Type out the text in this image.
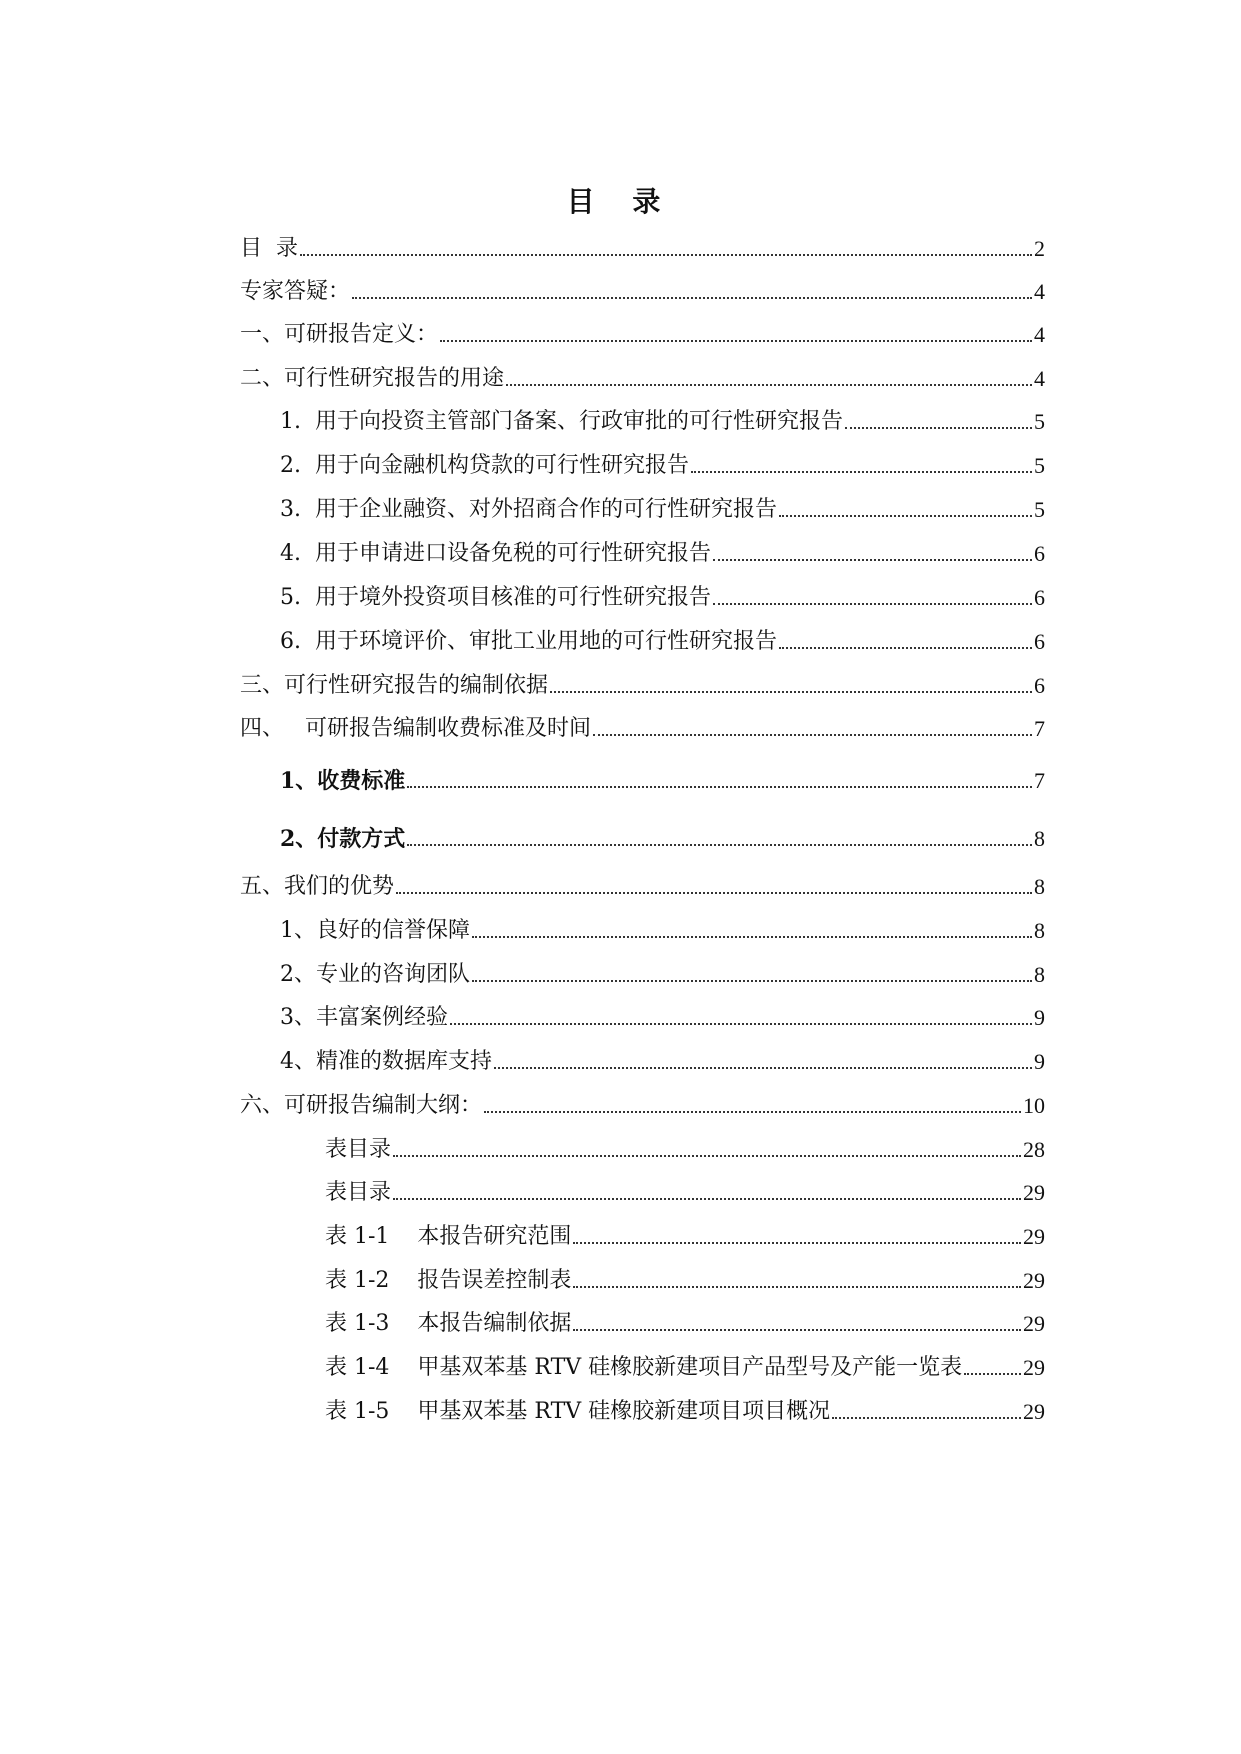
目 录
目  录	2
专家答疑：	4
一、可研报告定义：	4
二、可行性研究报告的用途	4
1.  用于向投资主管部门备案、行政审批的可行性研究报告	5
2.  用于向金融机构贷款的可行性研究报告	5
3.  用于企业融资、对外招商合作的可行性研究报告	5
4.  用于申请进口设备免税的可行性研究报告	6
5.  用于境外投资项目核准的可行性研究报告	6
6.  用于环境评价、审批工业用地的可行性研究报告	6
三、可行性研究报告的编制依据	6
四、   可研报告编制收费标准及时间	7
1、收费标准	7
2、付款方式	8
五、我们的优势	8
1、良好的信誉保障	8
2、专业的咨询团队	8
3、丰富案例经验	9
4、精准的数据库支持	9
六、可研报告编制大纲：	10
表目录	28
表目录	29
表 1-1    本报告研究范围	29
表 1-2    报告误差控制表	29
表 1-3    本报告编制依据	29
表 1-4    甲基双苯基 RTV 硅橡胶新建项目产品型号及产能一览表	29
表 1-5    甲基双苯基 RTV 硅橡胶新建项目项目概况	29
